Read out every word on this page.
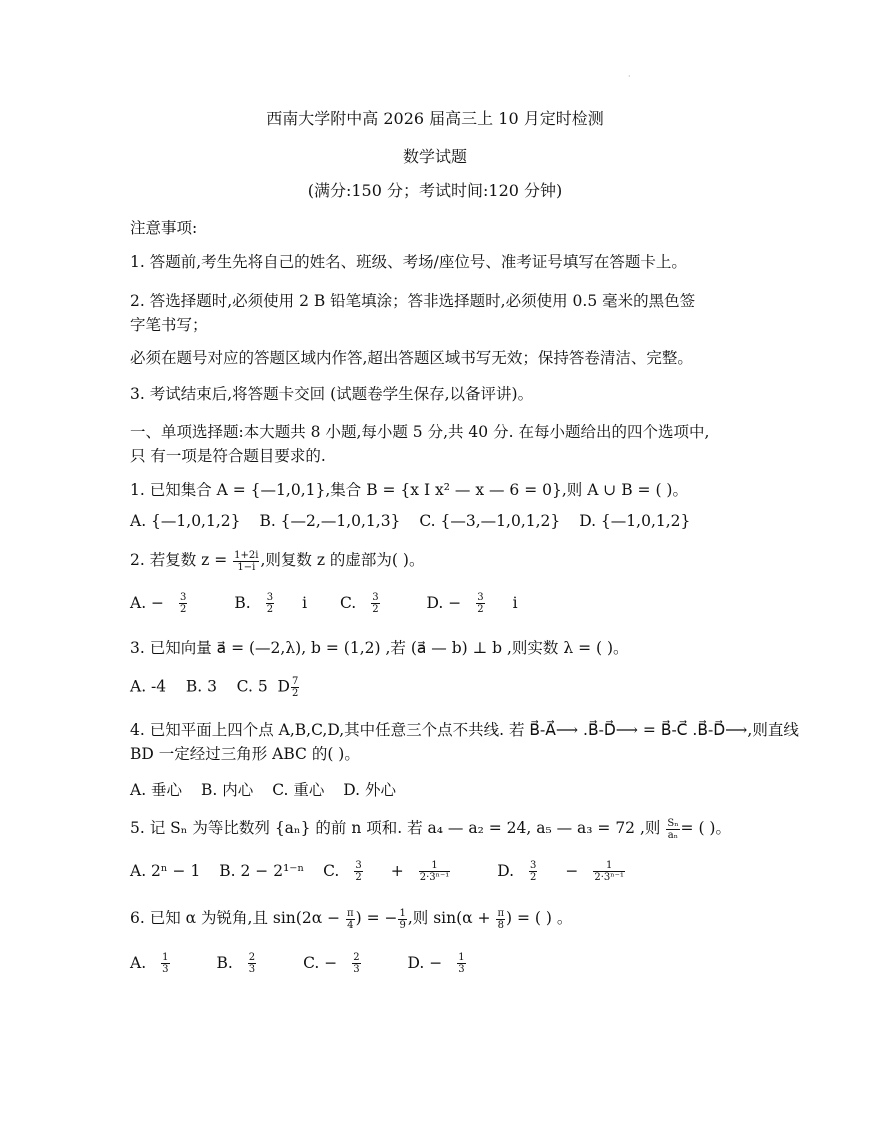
·
西南大学附中高 2026 届高三上 10 月定时检测
数学试题
(满分:150 分；考试时间:120 分钟)
注意事项:
1. 答题前,考生先将自己的姓名、班级、考场/座位号、准考证号填写在答题卡上。
2. 答选择题时,必须使用 2 B 铅笔填涂；答非选择题时,必须使用 0.5 毫米的黑色签
字笔书写；
必须在题号对应的答题区域内作答,超出答题区域书写无效；保持答卷清洁、完整。
3. 考试结束后,将答题卡交回 (试题卷学生保存,以备评讲)。
一、单项选择题:本大题共 8 小题,每小题 5 分,共 40 分. 在每小题给出的四个选项中,
只 有一项是符合题目要求的.
1. 已知集合 A = {—1,0,1},集合 B = {x I x² — x — 6 = 0},则 A ∪ B = ( )。
A. {—1,0,1,2} B. {—2,—1,0,1,3} C. {—3,—1,0,1,2} D. {—1,0,1,2}
2. 若复数 $z = \frac{1+2i}{1-i}$ ,则复数 z 的虚部为( )。
A. − $\frac{3}{2} B$. $\frac{3}{2}$ i C. $\frac{3}{2} D$. − $\frac{3}{2}$ i
3. 已知向量 a⃗ = (—2,λ), b = (1,2) ,若 (a⃗ — b) ⊥ b ,则实数 λ = ( )。
A. -4    B. 3    C. 5  D $\frac{7}{2}$
4. 已知平面上四个点 A,B,C,D,其中任意三个点不共线. 若 B⃗-A⃗⟶ .B⃗-D⃗⟶ = B⃗-C⃗ .B⃗-D⃗⟶,则直线
BD 一定经过三角形 ABC 的( )。
A. 垂心 B. 内心 C. 重心 D. 外心
5. 记 Sₙ 为等比数列 {aₙ} 的前 n 项和. 若 a₄ — a₂ = 24, a₅ — a₃ = 72 ,则 $\frac{\text{Sₙ}}{\text{aₙ}}$ = ( )。
A. 2ⁿ − 1 B. 2 − 2¹⁻ⁿ C. $\frac{3}{2} + \frac{1}{\text{2·3ⁿ⁻¹}} D$. $\frac{3}{2} - \frac{1}{\text{2·3ⁿ⁻¹}}$
6. 已知 α 为锐角,且 $\sin(2\alpha - \frac{\pi}{4}$ ) = − $\frac{1}{9}$ ,则 $\sin(\alpha + \frac{\pi}{8}$ ) = ( ) 。
A. $\frac{1}{3} B$. $\frac{2}{3} C$. − $\frac{2}{3} D$. − $\frac{1}{3}$
